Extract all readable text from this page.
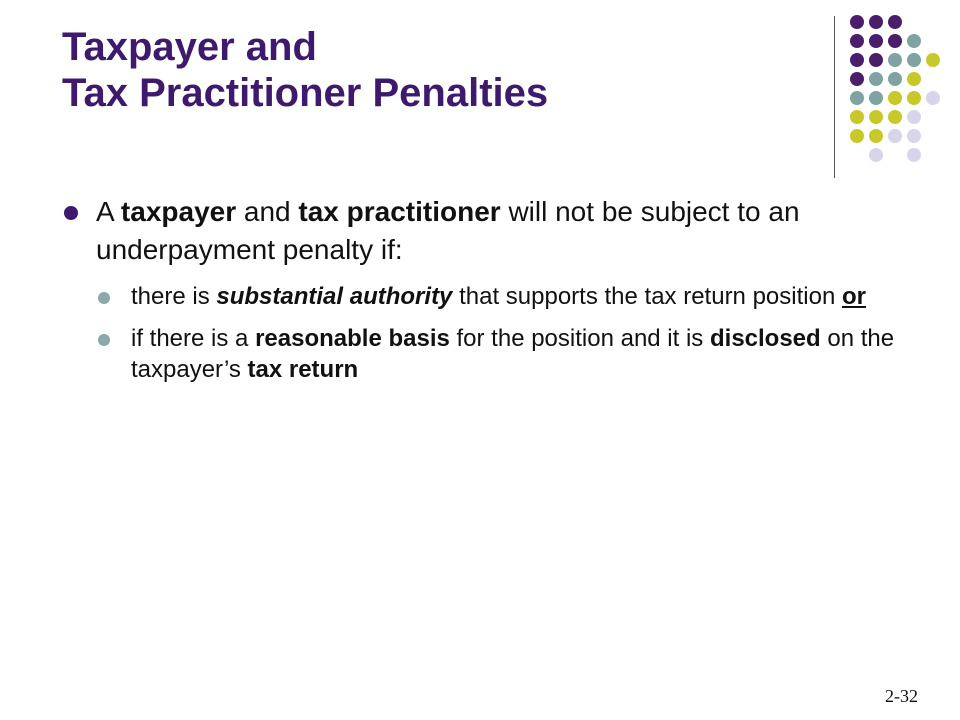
Taxpayer and
Tax Practitioner Penalties
A taxpayer and tax practitioner will not be subject to an underpayment penalty if:
there is substantial authority that supports the tax return position or
if there is a reasonable basis for the position and it is disclosed on the taxpayer’s tax return
2-32
